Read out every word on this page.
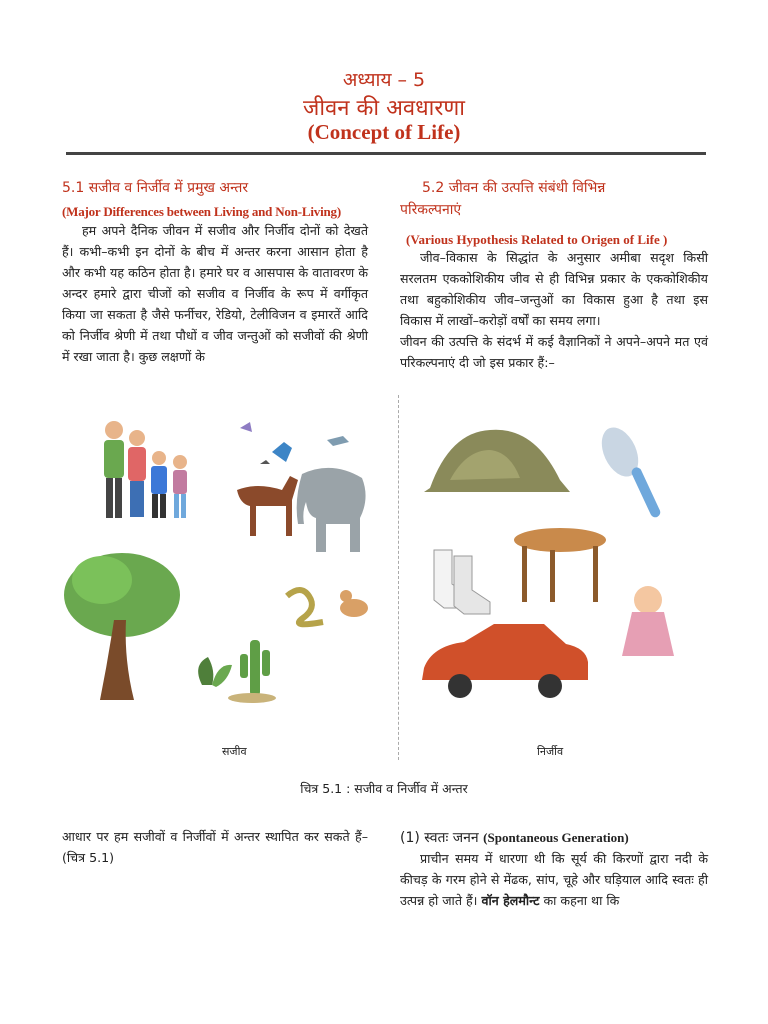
अध्याय – 5
जीवन की अवधारणा
(Concept of Life)
5.1 सजीव व निर्जीव में प्रमुख अन्तर
(Major Differences between Living and Non-Living)
हम अपने दैनिक जीवन में सजीव और निर्जीव दोनों को देखते हैं। कभी–कभी इन दोनों के बीच में अन्तर करना आसान होता है और कभी यह कठिन होता है। हमारे घर व आसपास के वातावरण के अन्दर हमारे द्वारा चीजों को सजीव व निर्जीव के रूप में वर्गीकृत किया जा सकता है जैसे फर्नीचर, रेडियो, टेलीविजन व इमारतें आदि को निर्जीव श्रेणी में तथा पौधों व जीव जन्तुओं को सजीवों की श्रेणी में रखा जाता है। कुछ लक्षणों के
5.2 जीवन की उत्पत्ति संबंधी विभिन्न
परिकल्पनाएं
(Various Hypothesis Related to Origen of Life )
जीव–विकास के सिद्धांत के अनुसार अमीबा सदृश किसी सरलतम एककोशिकीय जीव से ही विभिन्न प्रकार के एककोशिकीय तथा बहुकोशिकीय जीव–जन्तुओं का विकास हुआ है तथा इस विकास में लाखों–करोड़ों वर्षों का समय लगा।
जीवन की उत्पत्ति के संदर्भ में कई वैज्ञानिकों ने अपने–अपने मत एवं परिकल्पनाएं दी जो इस प्रकार हैं:–
सजीव	निर्जीव
चित्र 5.1 : सजीव व निर्जीव में अन्तर
आधार पर हम सजीवों व निर्जीवों में अन्तर स्थापित कर सकते हैं– (चित्र 5.1)
(1) स्वतः जनन (Spontaneous Generation)
प्राचीन समय में धारणा थी कि सूर्य की किरणों द्वारा नदी के कीचड़ के गरम होने से मेंढक, सांप, चूहे और घड़ियाल आदि स्वतः ही उत्पन्न हो जाते हैं। वॉन हेलमौन्ट का कहना था कि
